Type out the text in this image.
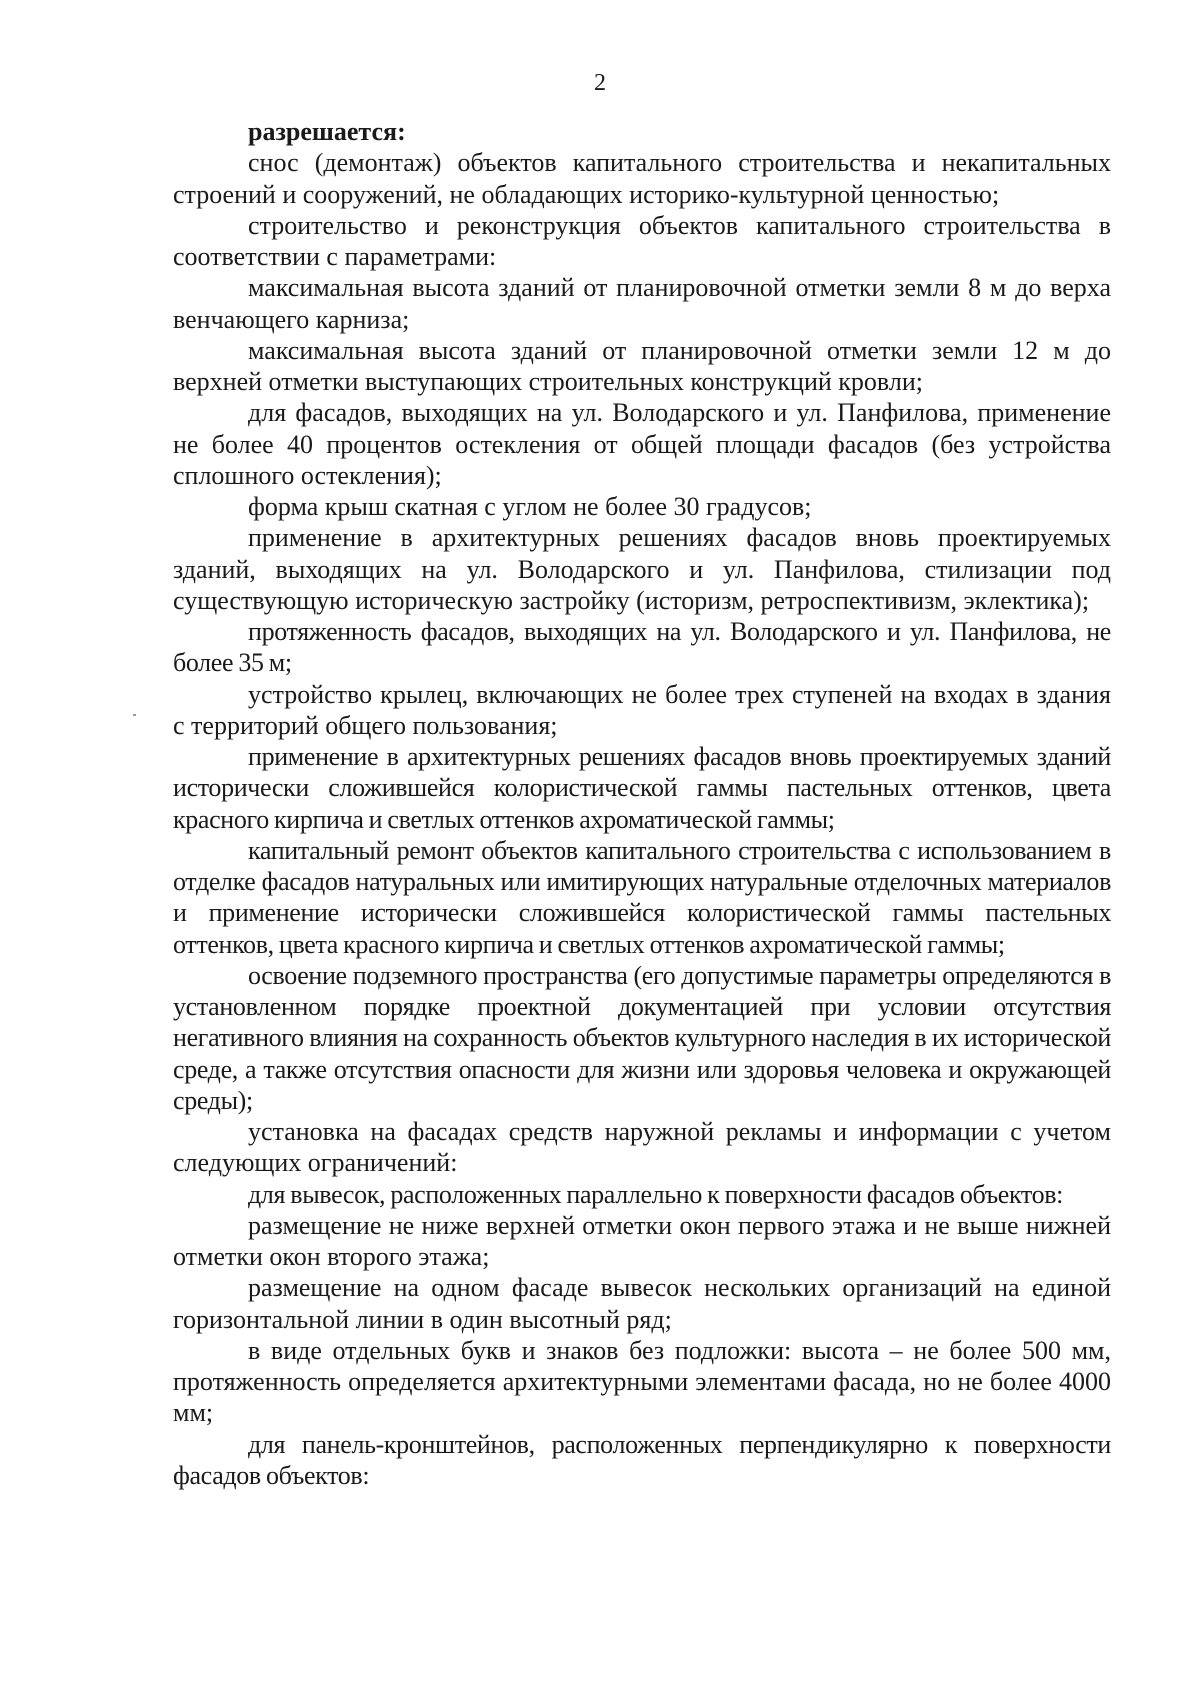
2

разрешается:

снос (демонтаж) объектов капитального строительства и некапитальных строений и сооружений, не обладающих историко-культурной ценностью;

строительство и реконструкция объектов капитального строительства в соответствии с параметрами:

максимальная высота зданий от планировочной отметки земли 8 м до верха венчающего карниза;

максимальная высота зданий от планировочной отметки земли 12 м до верхней отметки выступающих строительных конструкций кровли;

для фасадов, выходящих на ул. Володарского и ул. Панфилова, применение не более 40 процентов остекления от общей площади фасадов (без устройства сплошного остекления);

форма крыш скатная с углом не более 30 градусов;

применение в архитектурных решениях фасадов вновь проектируемых зданий, выходящих на ул. Володарского и ул. Панфилова, стилизации под существующую историческую застройку (историзм, ретроспективизм, эклектика);

протяженность фасадов, выходящих на ул. Володарского и ул. Панфилова, не более 35 м;

устройство крылец, включающих не более трех ступеней на входах в здания с территорий общего пользования;

применение в архитектурных решениях фасадов вновь проектируемых зданий исторически сложившейся колористической гаммы пастельных оттенков, цвета красного кирпича и светлых оттенков ахроматической гаммы;

капитальный ремонт объектов капитального строительства с использованием в отделке фасадов натуральных или имитирующих натуральные отделочных материалов и применение исторически сложившейся колористической гаммы пастельных оттенков, цвета красного кирпича и светлых оттенков ахроматической гаммы;

освоение подземного пространства (его допустимые параметры определяются в установленном порядке проектной документацией при условии отсутствия негативного влияния на сохранность объектов культурного наследия в их исторической среде, а также отсутствия опасности для жизни или здоровья человека и окружающей среды);

установка на фасадах средств наружной рекламы и информации с учетом следующих ограничений:

для вывесок, расположенных параллельно к поверхности фасадов объектов:

размещение не ниже верхней отметки окон первого этажа и не выше нижней отметки окон второго этажа;

размещение на одном фасаде вывесок нескольких организаций на единой горизонтальной линии в один высотный ряд;

в виде отдельных букв и знаков без подложки: высота – не более 500 мм, протяженность определяется архитектурными элементами фасада, но не более 4000 мм;

для панель-кронштейнов, расположенных перпендикулярно к поверхности фасадов объектов:
